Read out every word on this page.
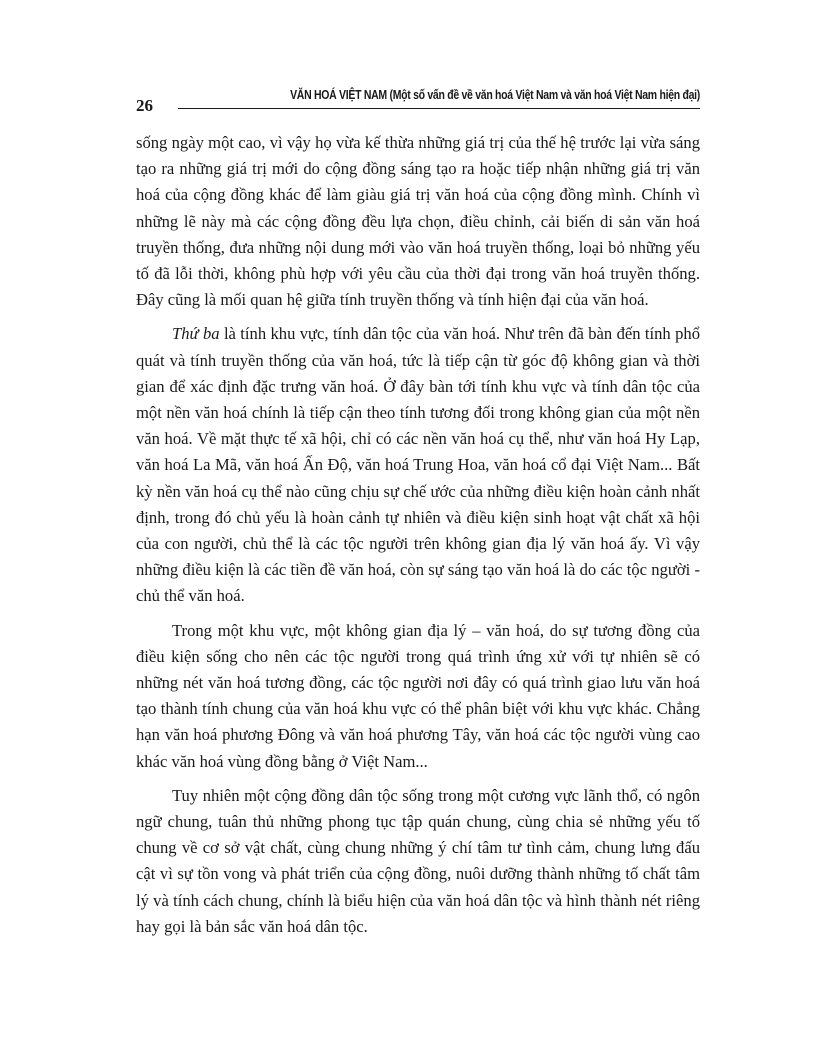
26
VĂN HOÁ VIỆT NAM (Một số vấn đề về văn hoá Việt Nam và văn hoá Việt Nam hiện đại)

sống ngày một cao, vì vậy họ vừa kế thừa những giá trị của thế hệ trước lại vừa sáng tạo ra những giá trị mới do cộng đồng sáng tạo ra hoặc tiếp nhận những giá trị văn hoá của cộng đồng khác để làm giàu giá trị văn hoá của cộng đồng mình. Chính vì những lẽ này mà các cộng đồng đều lựa chọn, điều chỉnh, cải biến di sản văn hoá truyền thống, đưa những nội dung mới vào văn hoá truyền thống, loại bỏ những yếu tố đã lỗi thời, không phù hợp với yêu cầu của thời đại trong văn hoá truyền thống. Đây cũng là mối quan hệ giữa tính truyền thống và tính hiện đại của văn hoá.

Thứ ba là tính khu vực, tính dân tộc của văn hoá. Như trên đã bàn đến tính phổ quát và tính truyền thống của văn hoá, tức là tiếp cận từ góc độ không gian và thời gian để xác định đặc trưng văn hoá. Ở đây bàn tới tính khu vực và tính dân tộc của một nền văn hoá chính là tiếp cận theo tính tương đối trong không gian của một nền văn hoá. Về mặt thực tế xã hội, chỉ có các nền văn hoá cụ thể, như văn hoá Hy Lạp, văn hoá La Mã, văn hoá Ấn Độ, văn hoá Trung Hoa, văn hoá cổ đại Việt Nam... Bất kỳ nền văn hoá cụ thể nào cũng chịu sự chế ước của những điều kiện hoàn cảnh nhất định, trong đó chủ yếu là hoàn cảnh tự nhiên và điều kiện sinh hoạt vật chất xã hội của con người, chủ thể là các tộc người trên không gian địa lý văn hoá ấy. Vì vậy những điều kiện là các tiền đề văn hoá, còn sự sáng tạo văn hoá là do các tộc người - chủ thể văn hoá.

Trong một khu vực, một không gian địa lý – văn hoá, do sự tương đồng của điều kiện sống cho nên các tộc người trong quá trình ứng xử với tự nhiên sẽ có những nét văn hoá tương đồng, các tộc người nơi đây có quá trình giao lưu văn hoá tạo thành tính chung của văn hoá khu vực có thể phân biệt với khu vực khác. Chẳng hạn văn hoá phương Đông và văn hoá phương Tây, văn hoá các tộc người vùng cao khác văn hoá vùng đồng bằng ở Việt Nam...

Tuy nhiên một cộng đồng dân tộc sống trong một cương vực lãnh thổ, có ngôn ngữ chung, tuân thủ những phong tục tập quán chung, cùng chia sẻ những yếu tố chung về cơ sở vật chất, cùng chung những ý chí tâm tư tình cảm, chung lưng đấu cật vì sự tồn vong và phát triển của cộng đồng, nuôi dưỡng thành những tố chất tâm lý và tính cách chung, chính là biểu hiện của văn hoá dân tộc và hình thành nét riêng hay gọi là bản sắc văn hoá dân tộc.
